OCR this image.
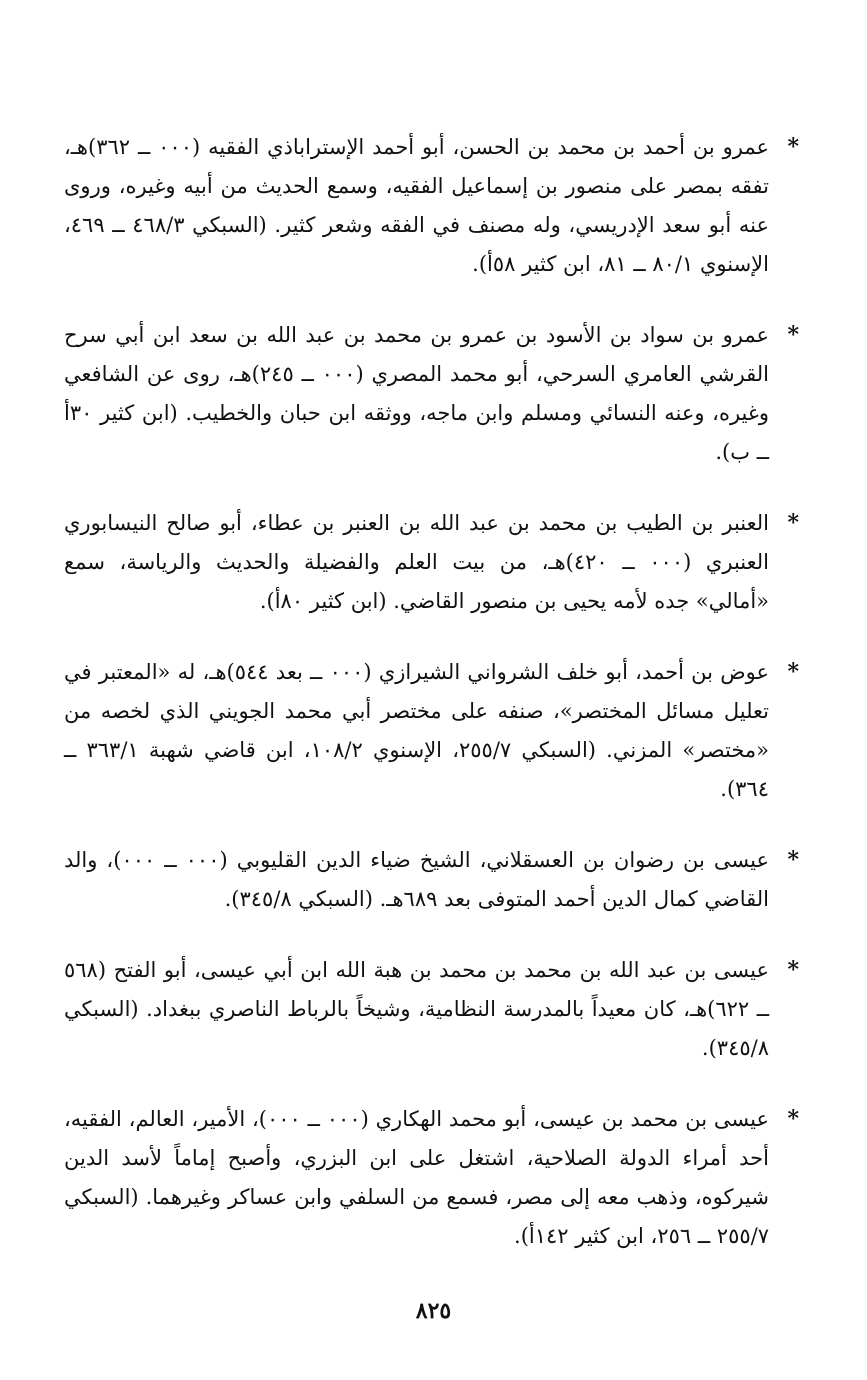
*
عمرو بن أحمد بن محمد بن الحسن، أبو أحمد الإستراباذي الفقيه (٠٠٠ ــ ٣٦٢)هـ، تفقه بمصر على منصور بن إسماعيل الفقيه، وسمع الحديث من أبيه وغيره، وروى عنه أبو سعد الإدريسي، وله مصنف في الفقه وشعر كثير. (السبكي ٤٦٨/٣ ــ ٤٦٩، الإسنوي ٨٠/١ ــ ٨١، ابن كثير ٥٨أ).

*
عمرو بن سواد بن الأسود بن عمرو بن محمد بن عبد الله بن سعد ابن أبي سرح القرشي العامري السرحي، أبو محمد المصري (٠٠٠ ــ ٢٤٥)هـ، روى عن الشافعي وغيره، وعنه النسائي ومسلم وابن ماجه، ووثقه ابن حبان والخطيب. (ابن كثير ٣٠أ ــ ب).

*
العنبر بن الطيب بن محمد بن عبد الله بن العنبر بن عطاء، أبو صالح النيسابوري العنبري (٠٠٠ ــ ٤٢٠)هـ، من بيت العلم والفضيلة والحديث والرياسة، سمع «أمالي» جده لأمه يحيى بن منصور القاضي. (ابن كثير ٨٠أ).

*
عوض بن أحمد، أبو خلف الشرواني الشيرازي (٠٠٠ ــ بعد ٥٤٤)هـ، له «المعتبر في تعليل مسائل المختصر»، صنفه على مختصر أبي محمد الجويني الذي لخصه من «مختصر» المزني. (السبكي ٢٥٥/٧، الإسنوي ١٠٨/٢، ابن قاضي شهبة ٣٦٣/١ ــ ٣٦٤).

*
عيسى بن رضوان بن العسقلاني، الشيخ ضياء الدين القليوبي (٠٠٠ ــ ٠٠٠)، والد القاضي كمال الدين أحمد المتوفى بعد ٦٨٩هـ. (السبكي ٣٤٥/٨).

*
عيسى بن عبد الله بن محمد بن محمد بن هبة الله ابن أبي عيسى، أبو الفتح (٥٦٨ ــ ٦٢٢)هـ، كان معيداً بالمدرسة النظامية، وشيخاً بالرباط الناصري ببغداد. (السبكي ٣٤٥/٨).

*
عيسى بن محمد بن عيسى، أبو محمد الهكاري (٠٠٠ ــ ٠٠٠)، الأمير، العالم، الفقيه، أحد أمراء الدولة الصلاحية، اشتغل على ابن البزري، وأصبح إماماً لأسد الدين شيركوه، وذهب معه إلى مصر، فسمع من السلفي وابن عساكر وغيرهما. (السبكي ٢٥٥/٧ ــ ٢٥٦، ابن كثير ١٤٢أ).

٨٢٥
